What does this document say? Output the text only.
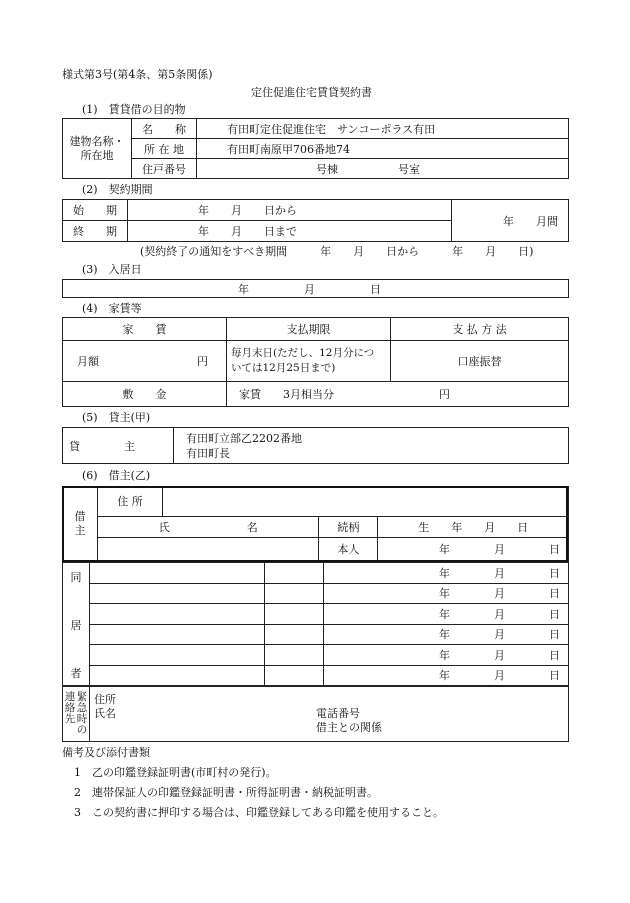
様式第3号(第4条、第5条関係)
定住促進住宅賃貸契約書
(1)　賃貸借の目的物
建物名称・
所在地	名　　称	有田町定住促進住宅　サンコーポラス有田
	所 在 地	有田町南原甲706番地74
	住戸番号	号棟 号室
(2)　契約期間
始　　期	年　　月　　日から	年　　月間
終　　期	年　　月　　日まで	
(契約終了の通知をすべき期間　　　年　　月　　日から　　　年　　月　　日)
(3)　入居日
年　　　　　月　　　　　日
(4)　家賃等
家　　賃	支払期限	支 払 方 法
月額 円	毎月末日(ただし、12月分につ
いては12月25日まで)	口座振替
敷　　金	家賃　　3月相当分 円	
(5)　貸主(甲)
貸　　　　主	
有田町立部乙2202番地
有田町長
(6)　借主(乙)
借
主	住 所			
	氏　　　　　　　名		続柄	生　　年　　月　　日
			本人	年　　　　月　　　　日
同
居
者			年　　　　月　　　　日
			年　　　　月　　　　日
			年　　　　月　　　　日
			年　　　　月　　　　日
			年　　　　月　　　　日
			年　　　　月　　　　日
緊
急
時
の
連
絡
先

住所
氏名	電話番号
借主との関係
備考及び添付書類
1　乙の印鑑登録証明書(市町村の発行)。
2　連帯保証人の印鑑登録証明書・所得証明書・納税証明書。
3　この契約書に押印する場合は、印鑑登録してある印鑑を使用すること。
